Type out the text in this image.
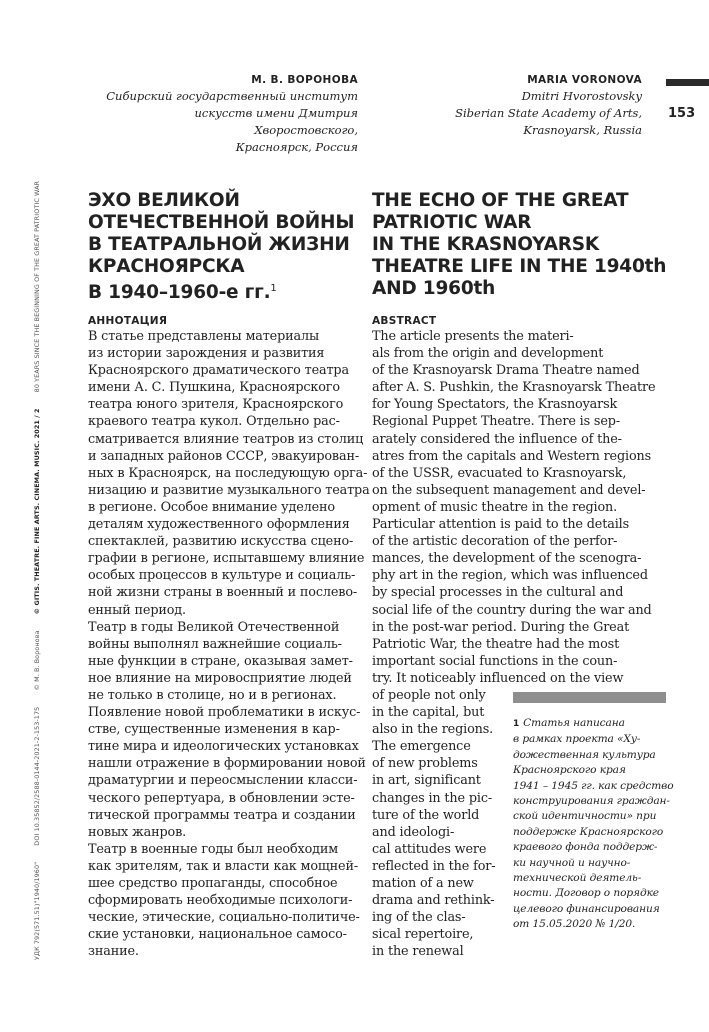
УДК 792(571.51)"1940/1960" DOI 10.35852/2588-0144-2021-2-153-175 © М. В. Воронова © GITIS. THEATRE. FINE ARTS. CINEMA. MUSIC. 2021 / 2 80 YEARS SINCE THE BEGINNING OF THE GREAT PATRIOTIC WAR
153
М. В. ВОРОНОВА
Сибирский государственный институт
искусств имени Дмитрия Хворостовского,
Красноярск, Россия
MARIA VORONOVA
Dmitri Hvorostovsky
Siberian State Academy of Arts,
Krasnoyarsk, Russia
ЭХО ВЕЛИКОЙ
ОТЕЧЕСТВЕННОЙ ВОЙНЫ
В ТЕАТРАЛЬНОЙ ЖИЗНИ
КРАСНОЯРСКА
В 1940–1960-е гг.$^1$
THE ECHO OF THE GREAT
PATRIOTIC WAR
IN THE KRASNOYARSK
THEATRE LIFE IN THE 1940th
AND 1960th
АННОТАЦИЯ	ABSTRACT
В статье представлены материалы
из истории зарождения и развития
Красноярского драматического театра
имени А. С. Пушкина, Красноярского
театра юного зрителя, Красноярского
краевого театра кукол. Отдельно рас-
сматривается влияние театров из столиц
и западных районов СССР, эвакуирован-
ных в Красноярск, на последующую орга-
низацию и развитие музыкального театра
в регионе. Особое внимание уделено
деталям художественного оформления
спектаклей, развитию искусства сцено-
графии в регионе, испытавшему влияние
особых процессов в культуре и социаль-
ной жизни страны в военный и послево-
енный период.
Театр в годы Великой Отечественной
войны выполнял важнейшие социаль-
ные функции в стране, оказывая замет-
ное влияние на мировосприятие людей
не только в столице, но и в регионах.
Появление новой проблематики в искус-
стве, существенные изменения в кар-
тине мира и идеологических установках
нашли отражение в формировании новой
драматургии и переосмыслении класси-
ческого репертуара, в обновлении эсте-
тической программы театра и создании
новых жанров.
Театр в военные годы был необходим
как зрителям, так и власти как мощней-
шее средство пропаганды, способное
сформировать необходимые психологи-
ческие, этические, социально-политиче-
ские установки, национальное самосо-
знание.
The article presents the materi-
als from the origin and development
of the Krasnoyarsk Drama Theatre named
after A. S. Pushkin, the Krasnoyarsk Theatre
for Young Spectators, the Krasnoyarsk
Regional Puppet Theatre. There is sep-
arately considered the influence of the-
atres from the capitals and Western regions
of the USSR, evacuated to Krasnoyarsk,
on the subsequent management and devel-
opment of music theatre in the region.
Particular attention is paid to the details
of the artistic decoration of the perfor-
mances, the development of the scenogra-
phy art in the region, which was influenced
by special processes in the cultural and
social life of the country during the war and
in the post-war period. During the Great
Patriotic War, the theatre had the most
important social functions in the coun-
try. It noticeably influenced on the view
of people not only
in the capital, but
also in the regions.
The emergence
of new problems
in art, significant
changes in the pic-
ture of the world
and ideologi-
cal attitudes were
reflected in the for-
mation of a new
drama and rethink-
ing of the clas-
sical repertoire,
in the renewal
1 Статья написана
в рамках проекта «Ху-
дожественная культура
Красноярского края
1941 – 1945 гг. как средство
конструирования граждан-
ской идентичности» при
поддержке Красноярского
краевого фонда поддерж-
ки научной и научно-
технической деятель-
ности. Договор о порядке
целевого финансирования
от 15.05.2020 № 1/20.
